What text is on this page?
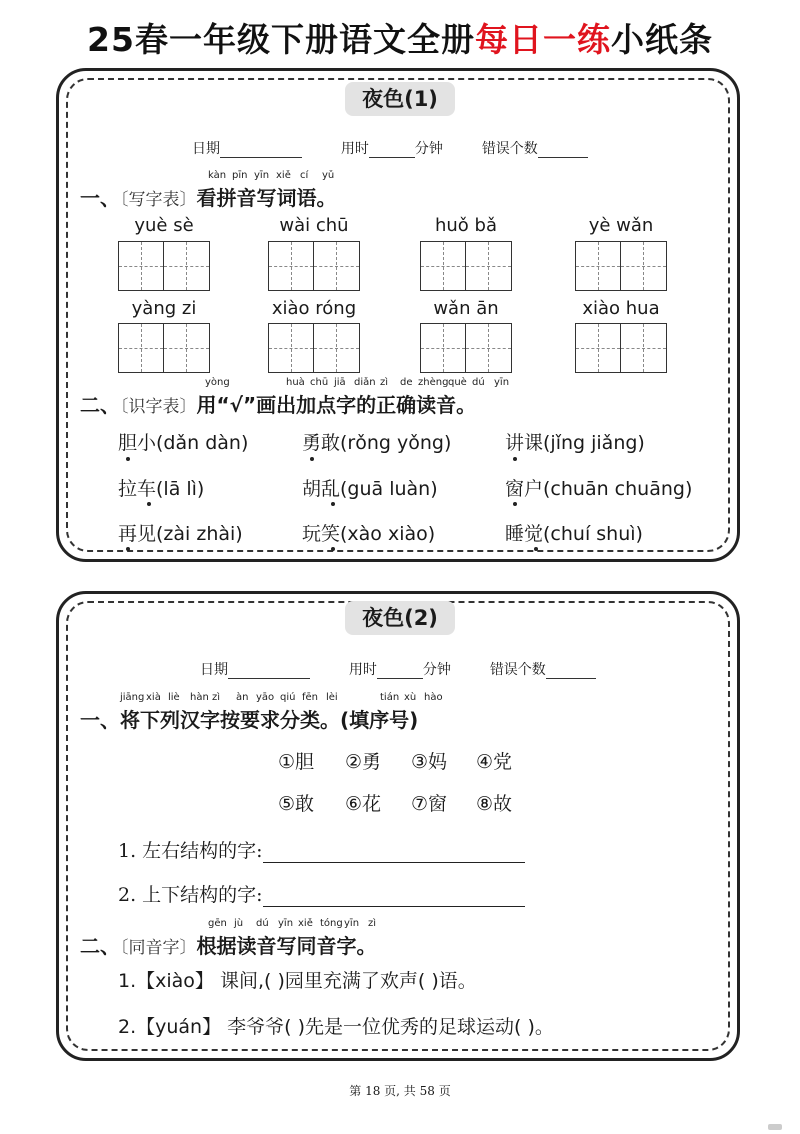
25春一年级下册语文全册每日一练小纸条
夜色(1)
日期	用时	分钟	错误个数
kàn pīn yīn xiě cí yǔ
一、〔写字表〕看拼音写词语。
yuè sè	wài chū	huǒ bǎ	yè wǎn
yàng zi	xiào róng	wǎn ān	xiào hua
yòng	huà chū jiā diǎn zì de zhèng què dú yīn
二、〔识字表〕用“√”画出加点字的正确读音。
胆小(dǎn dàn)	勇敢(rǒng yǒng)	讲课(jǐng jiǎng)
拉车(lā lì)	胡乱(guā luàn)	窗户(chuān chuāng)
再见(zài zhài)	玩笑(xào xiào)	睡觉(chuí shuì)
夜色(2)
日期	用时	分钟	错误个数
jiāng xià liè hàn zì àn yāo qiú fēn lèi	tián xù hào
一、将下列汉字按要求分类。(填序号)
①胆 ②勇 ③妈 ④党
⑤敢 ⑥花 ⑦窗 ⑧故
1. 左右结构的字:
2. 上下结构的字:
gēn jù dú yīn xiě tóng yīn zì
二、〔同音字〕根据读音写同音字。
1.【xiào】 课间,( )园里充满了欢声( )语。
2.【yuán】 李爷爷( )先是一位优秀的足球运动( )。
第 18 页, 共 58 页
